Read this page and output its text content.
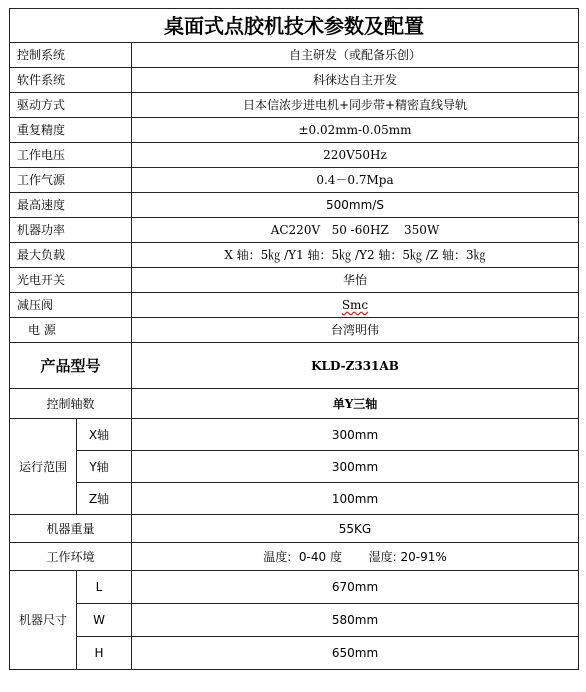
桌面式点胶机技术参数及配置		
控制系统		自主研发（或配备乐创）
软件系统		科徕达自主开发
驱动方式		日本信浓步进电机+同步带+精密直线导轨
重复精度		±0.02mm-0.05mm
工作电压		220V50Hz
工作气源		0.4－0.7Mpa
最高速度		500mm/S
机器功率		AC220V   50 -60HZ    350W
最大负载		X 轴：5㎏ /Y1 轴：5㎏ /Y2 轴：5㎏ /Z 轴：3㎏
光电开关		华怡
减压阀		Smc
电 源		台湾明伟
产品型号		KLD-Z331AB
控制轴数		单Y三轴
运行范围	X轴	300mm
	Y轴	300mm
	Z轴	100mm
机器重量		55KG
工作环境		温度:  0-40 度       湿度: 20-91%
机器尺寸	L	670mm
	W	580mm
	H	650mm
